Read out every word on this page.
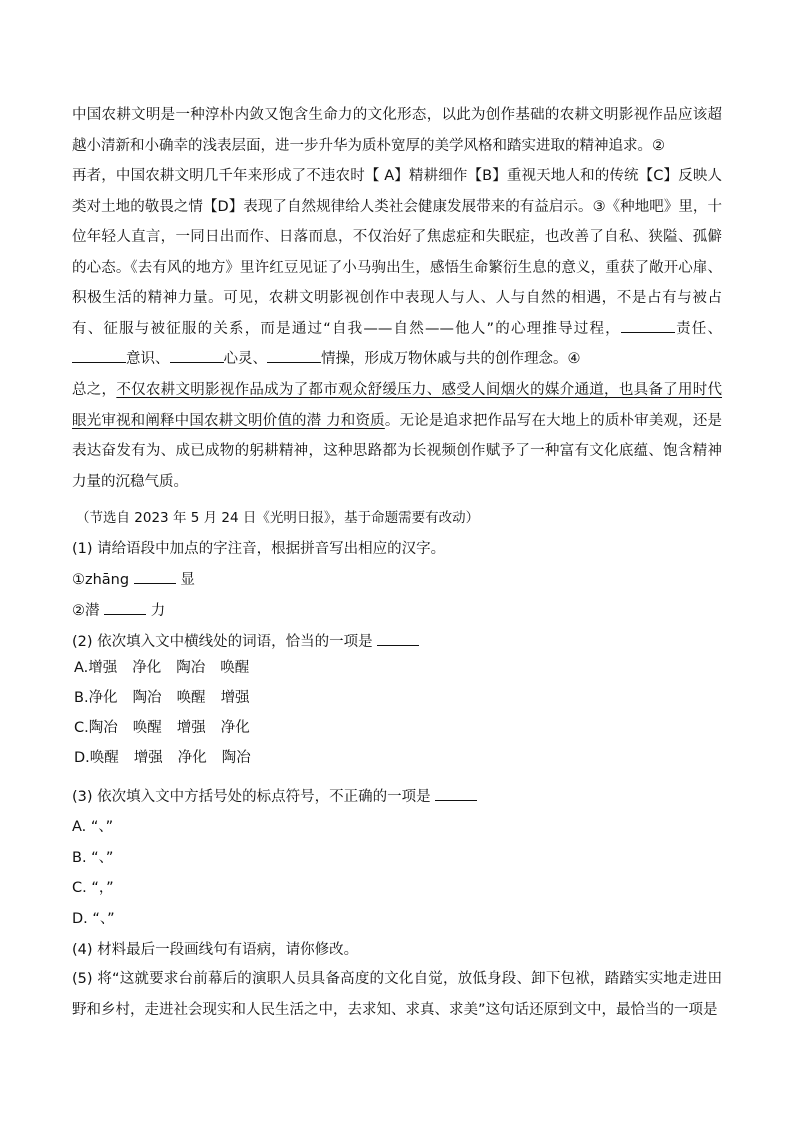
中国农耕文明是一种淳朴内敛又饱含生命力的文化形态，以此为创作基础的农耕文明影视作品应该超越小清新和小确幸的浅表层面，进一步升华为质朴宽厚的美学风格和踏实进取的精神追求。②

再者，中国农耕文明几千年来形成了不违农时【 A】精耕细作【B】重视天地人和的传统【C】反映人类对土地的敬畏之情【D】表现了自然规律给人类社会健康发展带来的有益启示。③《种地吧》里，十位年轻人直言，一同日出而作、日落而息，不仅治好了焦虑症和失眠症，也改善了自私、狭隘、孤僻的心态。《去有风的地方》里许红豆见证了小马驹出生，感悟生命繁衍生息的意义，重获了敞开心扉、积极生活的精神力量。可见，农耕文明影视创作中表现人与人、人与自然的相遇，不是占有与被占有、征服与被征服的关系，而是通过“自我——自然——他人”的心理推导过程，	责任、意识、	心灵、	情操，形成万物休戚与共的创作理念。④

总之，不仅农耕文明影视作品成为了都市观众舒缓压力、感受人间烟火的媒介通道，也具备了用时代眼光审视和阐释中国农耕文明价值的潜 力和资质。无论是追求把作品写在大地上的质朴审美观，还是表达奋发有为、成已成物的躬耕精神，这种思路都为长视频创作赋予了一种富有文化底蕴、饱含精神力量的沉稳气质。

（节选自 2023 年 5 月 24 日《光明日报》，基于命题需要有改动）
(1) 请给语段中加点的字注音，根据拼音写出相应的汉字。
①zhāng	显
②潜	力
(2) 依次填入文中横线处的词语，恰当的一项是
A.增强 净化 陶冶 唤醒
B.净化 陶冶 唤醒 增强
C.陶冶 唤醒 增强 净化
D.唤醒 增强 净化 陶冶
(3) 依次填入文中方括号处的标点符号，不正确的一项是
A. “、”
B. “、”
C. “，”
D. “、”
(4) 材料最后一段画线句有语病，请你修改。

(5) 将“这就要求台前幕后的演职人员具备高度的文化自觉，放低身段、卸下包袱，踏踏实实地走进田野和乡村，走进社会现实和人民生活之中，去求知、求真、求美”这句话还原到文中，最恰当的一项是
